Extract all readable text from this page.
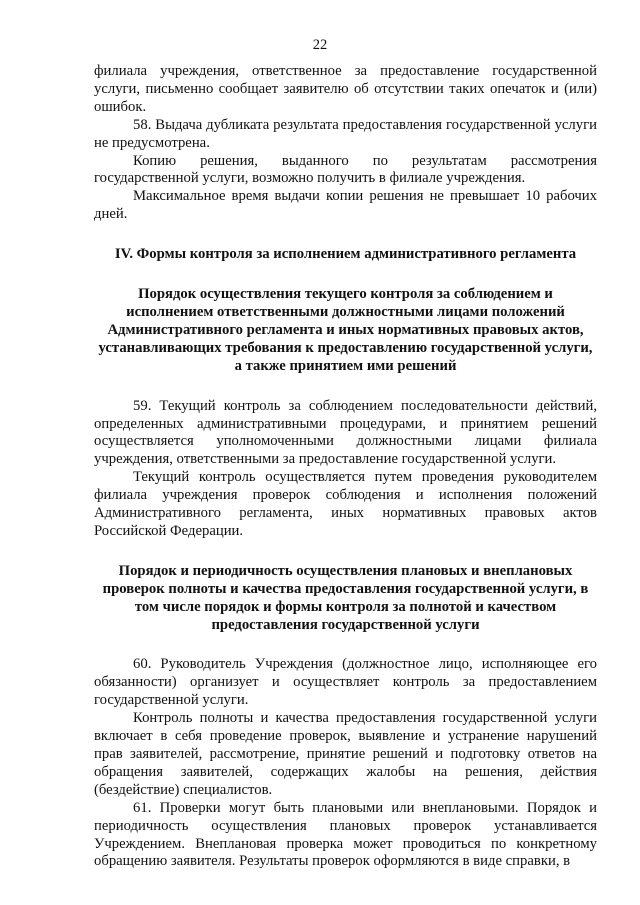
22

филиала учреждения, ответственное за предоставление государственной услуги, письменно сообщает заявителю об отсутствии таких опечаток и (или) ошибок.

58. Выдача дубликата результата предоставления государственной услуги не предусмотрена.

Копию решения, выданного по результатам рассмотрения государственной услуги, возможно получить в филиале учреждения.

Максимальное время выдачи копии решения не превышает 10 рабочих дней.

IV. Формы контроля за исполнением административного регламента
Порядок осуществления текущего контроля за соблюдением и исполнением ответственными должностными лицами положений Административного регламента и иных нормативных правовых актов, устанавливающих требования к предоставлению государственной услуги, а также принятием ими решений

59. Текущий контроль за соблюдением последовательности действий, определенных административными процедурами, и принятием решений осуществляется уполномоченными должностными лицами филиала учреждения, ответственными за предоставление государственной услуги.

Текущий контроль осуществляется путем проведения руководителем филиала учреждения проверок соблюдения и исполнения положений Административного регламента, иных нормативных правовых актов Российской Федерации.

Порядок и периодичность осуществления плановых и внеплановых проверок полноты и качества предоставления государственной услуги, в том числе порядок и формы контроля за полнотой и качеством предоставления государственной услуги

60. Руководитель Учреждения (должностное лицо, исполняющее его обязанности) организует и осуществляет контроль за предоставлением государственной услуги.

Контроль полноты и качества предоставления государственной услуги включает в себя проведение проверок, выявление и устранение нарушений прав заявителей, рассмотрение, принятие решений и подготовку ответов на обращения заявителей, содержащих жалобы на решения, действия (бездействие) специалистов.

61. Проверки могут быть плановыми или внеплановыми. Порядок и периодичность осуществления плановых проверок устанавливается Учреждением. Внеплановая проверка может проводиться по конкретному обращению заявителя. Результаты проверок оформляются в виде справки, в
